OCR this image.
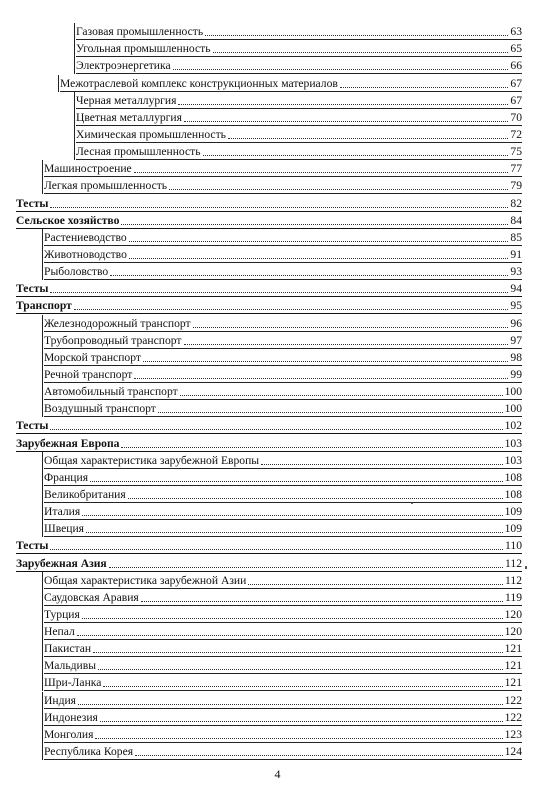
Газовая промышленность	63
Угольная промышленность	65
Электроэнергетика	66
Межотраслевой комплекс конструкционных материалов	67
Черная металлургия	67
Цветная металлургия	70
Химическая промышленность	72
Лесная промышленность	75
Машиностроение	77
Легкая промышленность	79
Тесты	82
Сельское хозяйство	84
Растениеводство	85
Животноводство	91
Рыболовство	93
Тесты	94
Транспорт	95
Железнодорожный транспорт	96
Трубопроводный транспорт	97
Морской транспорт	98
Речной транспорт	99
Автомобильный транспорт	100
Воздушный транспорт	100
Тесты	102
Зарубежная Европа	103
Общая характеристика зарубежной Европы	103
Франция	108
Великобритания	108
Италия	109
Швеция	109
Тесты	110
Зарубежная Азия	112
Общая характеристика зарубежной Азии	112
Саудовская Аравия	119
Турция	120
Непал	120
Пакистан	121
Мальдивы	121
Шри-Ланка	121
Индия	122
Индонезия	122
Монголия	123
Республика Корея	124
4
